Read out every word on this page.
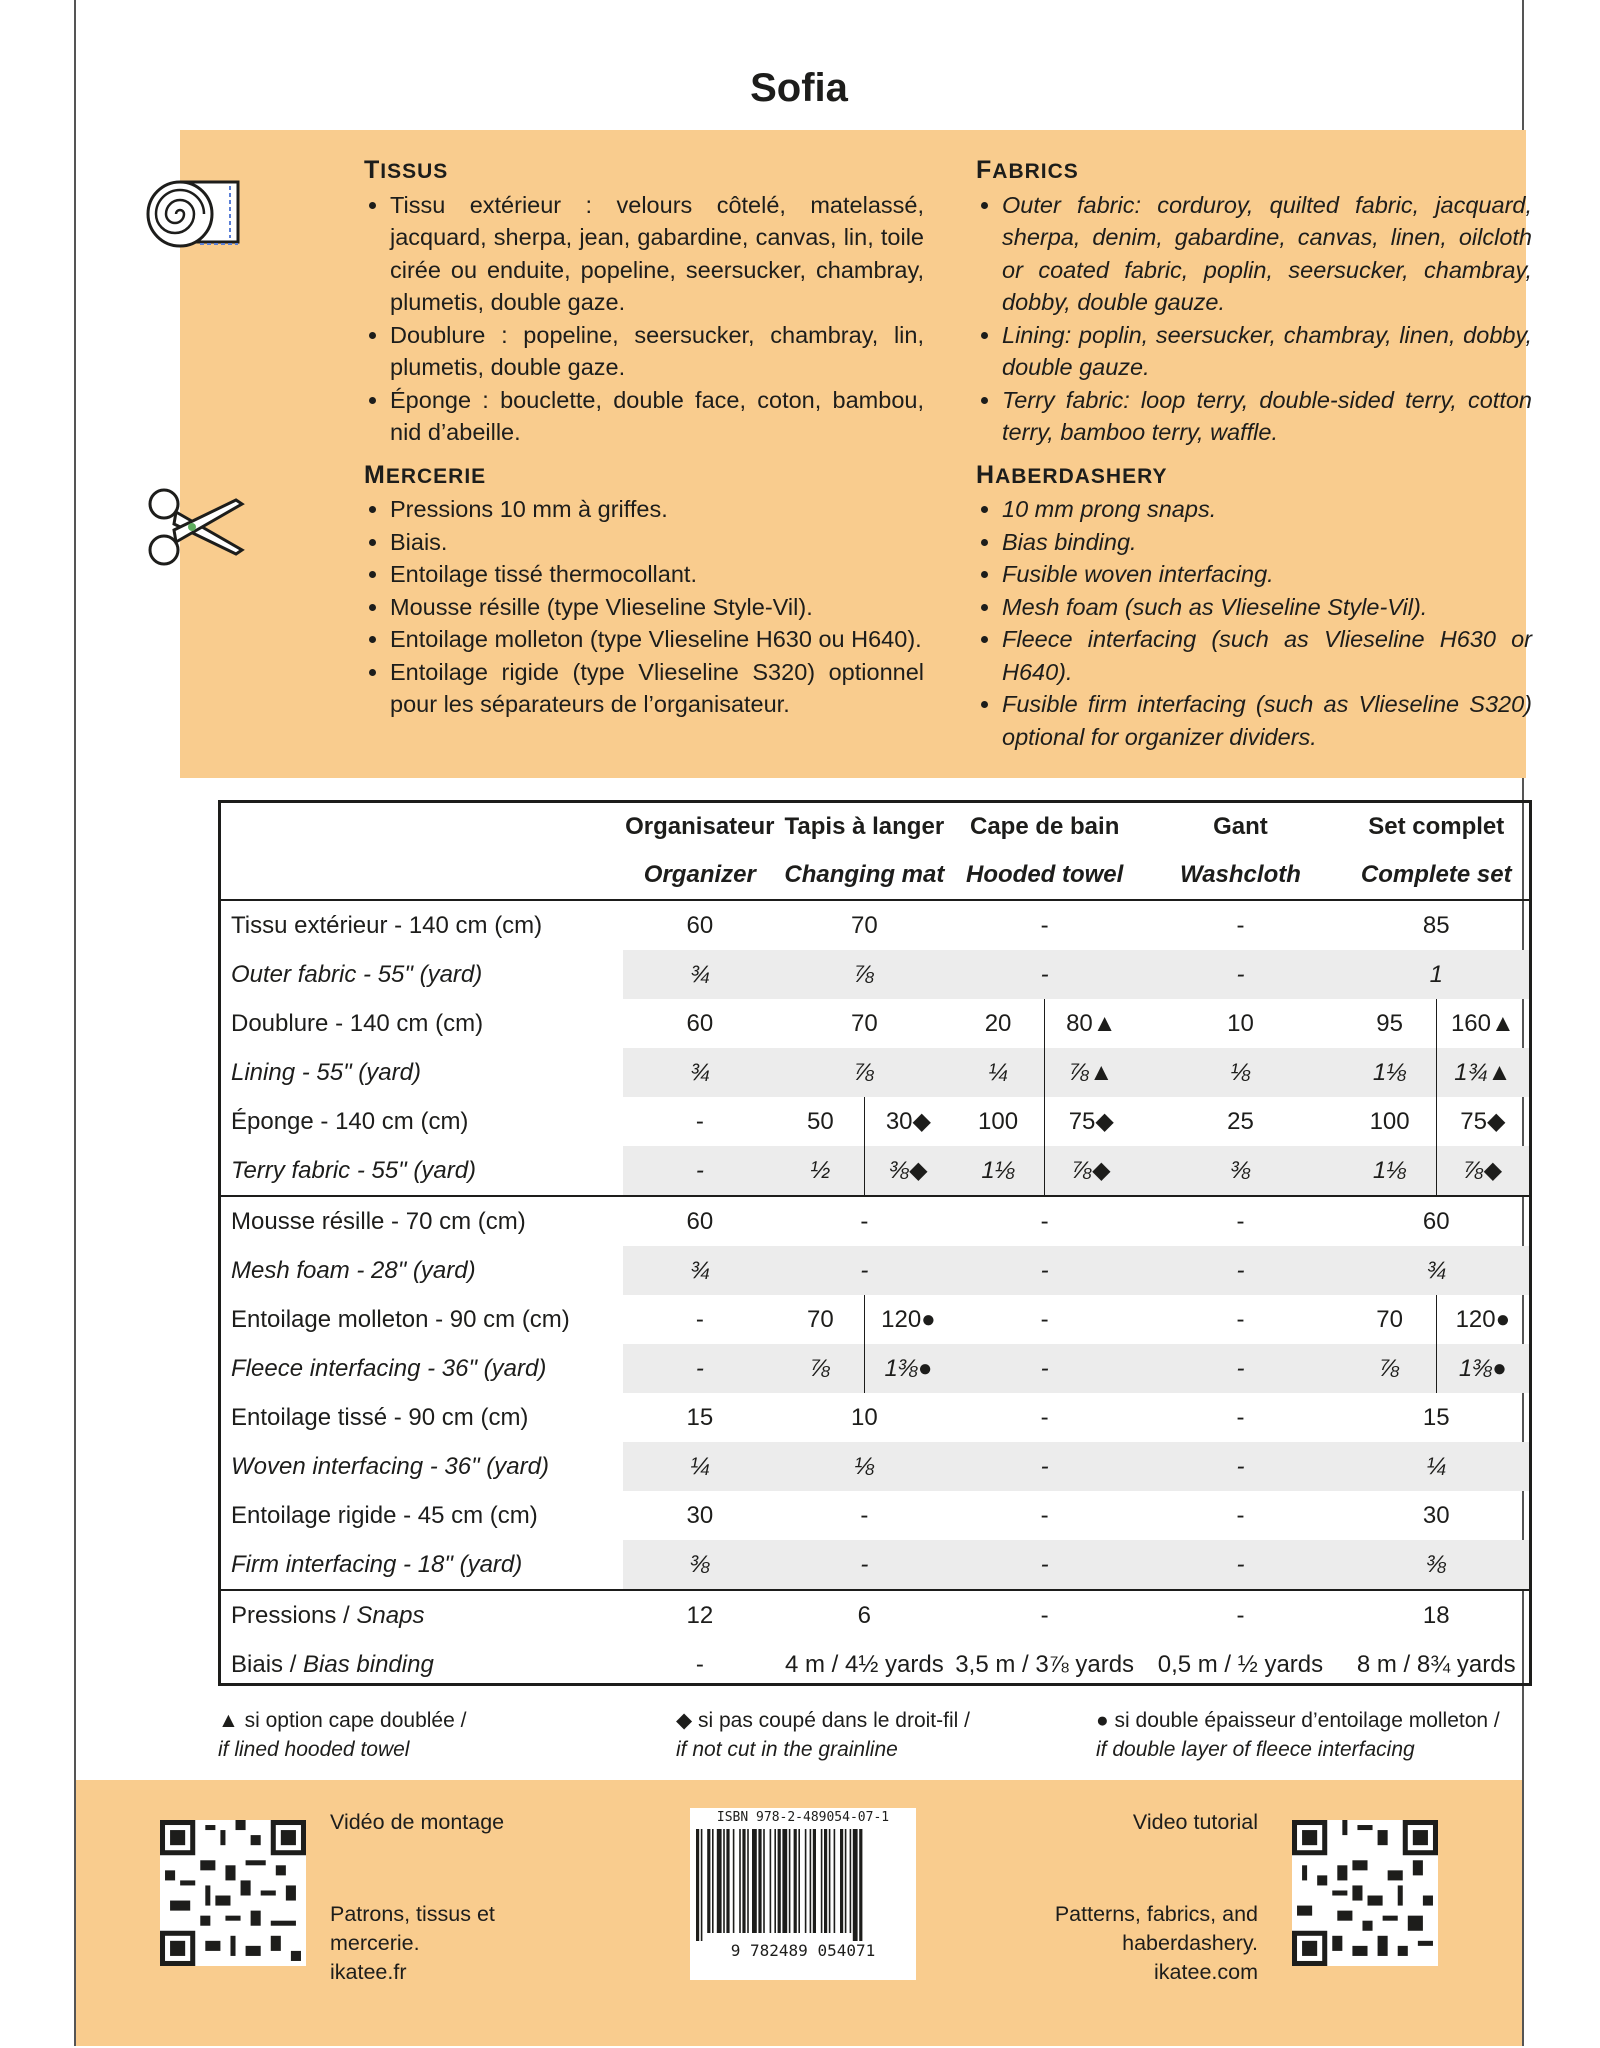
Sofia

TISSUS

• Tissu extérieur : velours côtelé, matelassé, jacquard, sherpa, jean, gabardine, canvas, lin, toile cirée ou enduite, popeline, seersucker, chambray, plumetis, double gaze.
• Doublure : popeline, seersucker, chambray, lin, plumetis, double gaze.
• Éponge : bouclette, double face, coton, bambou, nid d’abeille.

MERCERIE

• Pressions 10 mm à griffes.
• Biais.
• Entoilage tissé thermocollant.
• Mousse résille (type Vlieseline Style-Vil).
• Entoilage molleton (type Vlieseline H630 ou H640).
• Entoilage rigide (type Vlieseline S320) optionnel pour les séparateurs de l’organisateur.

FABRICS

• Outer fabric: corduroy, quilted fabric, jacquard, sherpa, denim, gabardine, canvas, linen, oilcloth or coated fabric, poplin, seersucker, chambray, dobby, double gauze.
• Lining: poplin, seersucker, chambray, linen, dobby, double gauze.
• Terry fabric: loop terry, double-sided terry, cotton terry, bamboo terry, waffle.

HABERDASHERY

• 10 mm prong snaps.
• Bias binding.
• Fusible woven interfacing.
• Mesh foam (such as Vlieseline Style-Vil).
• Fleece interfacing (such as Vlieseline H630 or H640).
• Fusible firm interfacing (such as Vlieseline S320) optional for organizer dividers.
	Organisateur	Tapis à langer		Cape de bain		Gant	Set complet	
	Organizer	Changing mat		Hooded towel		Washcloth	Complete set	
Tissu extérieur - 140 cm (cm)	60	70		-		-	85	
Outer fabric - 55" (yard)	¾	⅞		-		-	1	
Doublure - 140 cm (cm)	60	70		20	80▲	10	95	160▲
Lining - 55" (yard)	¾	⅞		¼	⅞▲	⅛	1⅛	1¾▲
Éponge - 140 cm (cm)	-	50	30◆	100	75◆	25	100	75◆
Terry fabric - 55" (yard)	-	½	⅜◆	1⅛	⅞◆	⅜	1⅛	⅞◆
Mousse résille - 70 cm (cm)	60	-		-		-	60	
Mesh foam - 28" (yard)	¾	-		-		-	¾	
Entoilage molleton - 90 cm (cm)	-	70	120●	-		-	70	120●
Fleece interfacing - 36" (yard)	-	⅞	1⅜●	-		-	⅞	1⅜●
Entoilage tissé - 90 cm (cm)	15	10		-		-	15	
Woven interfacing - 36" (yard)	¼	⅛		-		-	¼	
Entoilage rigide - 45 cm (cm)	30	-		-		-	30	
Firm interfacing - 18" (yard)	⅜	-		-		-	⅜	
Pressions / Snaps	12	6		-		-	18	
Biais / Bias binding	-	4 m / 4½ yards		3,5 m / 3⅞ yards		0,5 m / ½ yards	8 m / 8¾ yards	
▲ si option cape doublée /
if lined hooded towel
◆ si pas coupé dans le droit-fil /
if not cut in the grainline
● si double épaisseur d’entoilage molleton /
if double layer of fleece interfacing
Vidéo de montage
Patrons, tissus et mercerie.
ikatee.fr
ISBN 978-2-489054-07-1
9 782489 054071
Video tutorial
Patterns, fabrics, and haberdashery.
ikatee.com
